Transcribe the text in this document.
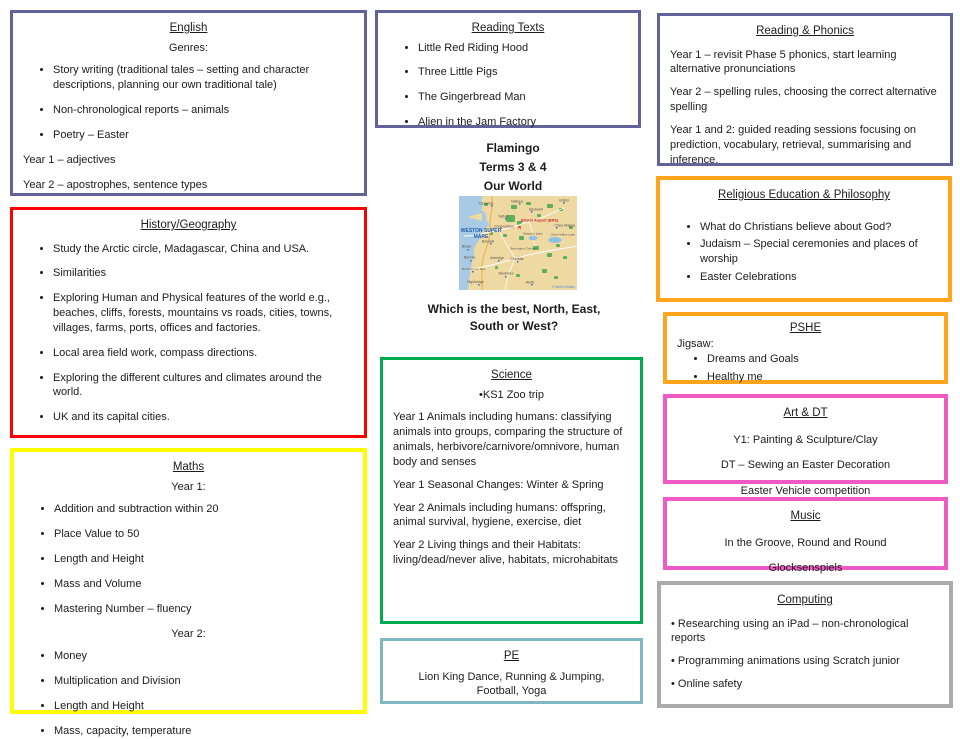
English
Genres:
• Story writing (traditional tales – setting and character descriptions, planning our own traditional tale)
• Non-chronological reports – animals
• Poetry – Easter
Year 1 – adjectives
Year 2 – apostrophes, sentence types
Reading Texts
• Little Red Riding Hood
• Three Little Pigs
• The Gingerbread Man
• Alien in the Jam Factory
Reading & Phonics

Year 1 – revisit Phase 5 phonics, start learning alternative pronunciations

Year 2 – spelling rules, choosing the correct alternative spelling

Year 1 and 2: guided reading sessions focusing on prediction, vocabulary, retrieval, summarising and inference.

History/Geography
• Study the Arctic circle, Madagascar, China and USA.
• Similarities
• Exploring Human and Physical features of the world e.g., beaches, cliffs, forests, mountains vs roads, cities, towns, villages, farms, ports, offices and factories.
• Local area field work, compass directions.
• Exploring the different cultures and climates around the world.
• UK and its capital cities.
Maths
Year 1:
• Addition and subtraction within 20
• Place Value to 50
• Length and Height
• Mass and Volume
• Mastering Number – fluency
Year 2:
• Money
• Multiplication and Division
• Length and Height
• Mass, capacity, temperature
Flamingo
Terms 3 & 4
Our World
Bristol Airport (BRS)
✈
WESTON SUPER
MARE
Clevedon	Nailsea	Bristol
Backwell
Yatton
Congresbury	Chew Magna
Blagdon Lake	Chew Valley Lake
Banwell
Burrington Combe
Brean
Berrow	Axbridge Cheddar
Burnham on Sea
Wedmore
Highbridge	Wells
© World Guides
Which is the best, North, East,
South or West?
Science
•KS1 Zoo trip

Year 1 Animals including humans: classifying animals into groups, comparing the structure of animals, herbivore/carnivore/omnivore, human body and senses

Year 1 Seasonal Changes: Winter & Spring

Year 2 Animals including humans: offspring, animal survival, hygiene, exercise, diet

Year 2 Living things and their Habitats: living/dead/never alive, habitats, microhabitats

PE
Lion King Dance, Running & Jumping, Football, Yoga
Religious Education & Philosophy
• What do Christians believe about God?
• Judaism – Special ceremonies and places of worship
• Easter Celebrations
PSHE
Jigsaw:
• Dreams and Goals
• Healthy me
Art & DT
Y1: Painting & Sculpture/Clay
DT – Sewing an Easter Decoration
Easter Vehicle competition
Music
In the Groove, Round and Round
Glocksenspiels
Computing

• Researching using an iPad – non-chronological reports

• Programming animations using Scratch junior

• Online safety
